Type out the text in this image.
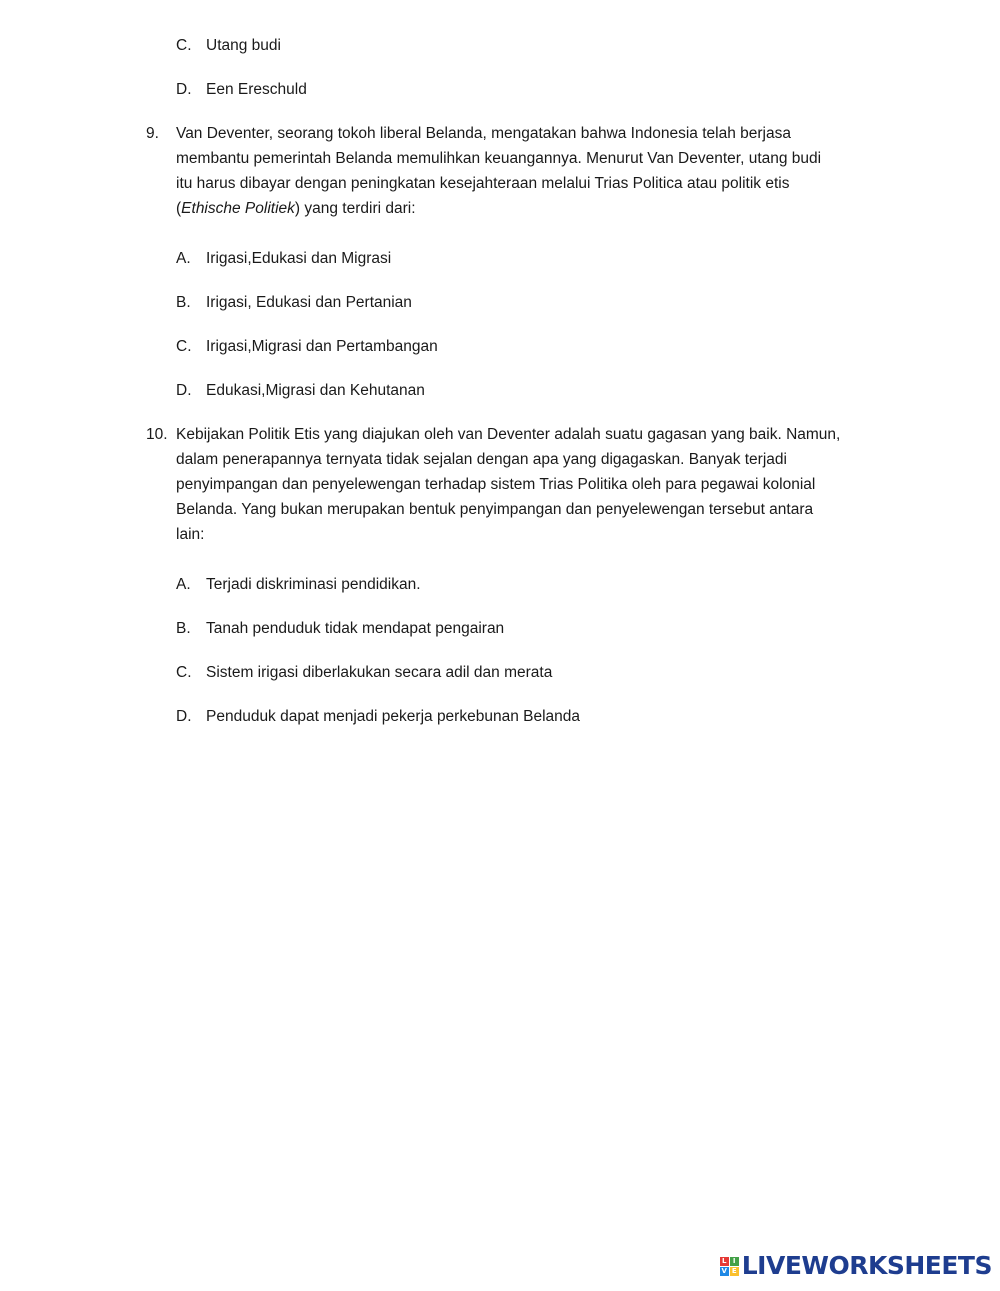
C. Utang budi
D. Een Ereschuld
9. Van Deventer, seorang tokoh liberal Belanda, mengatakan bahwa Indonesia telah berjasa
membantu pemerintah Belanda memulihkan keuangannya. Menurut Van Deventer, utang budi
itu harus dibayar dengan peningkatan kesejahteraan melalui Trias Politica atau politik etis
(Ethische Politiek) yang terdiri dari:
A. Irigasi,Edukasi dan Migrasi
B. Irigasi, Edukasi dan Pertanian
C. Irigasi,Migrasi dan Pertambangan
D. Edukasi,Migrasi dan Kehutanan
10. Kebijakan Politik Etis yang diajukan oleh van Deventer adalah suatu gagasan yang baik. Namun,
dalam penerapannya ternyata tidak sejalan dengan apa yang digagaskan. Banyak terjadi
penyimpangan dan penyelewengan terhadap sistem Trias Politika oleh para pegawai kolonial
Belanda. Yang bukan merupakan bentuk penyimpangan dan penyelewengan tersebut antara
lain:
A. Terjadi diskriminasi pendidikan.
B. Tanah penduduk tidak mendapat pengairan
C. Sistem irigasi diberlakukan secara adil dan merata
D. Penduduk dapat menjadi pekerja perkebunan Belanda
L I
V E LIVEWORKSHEETS
